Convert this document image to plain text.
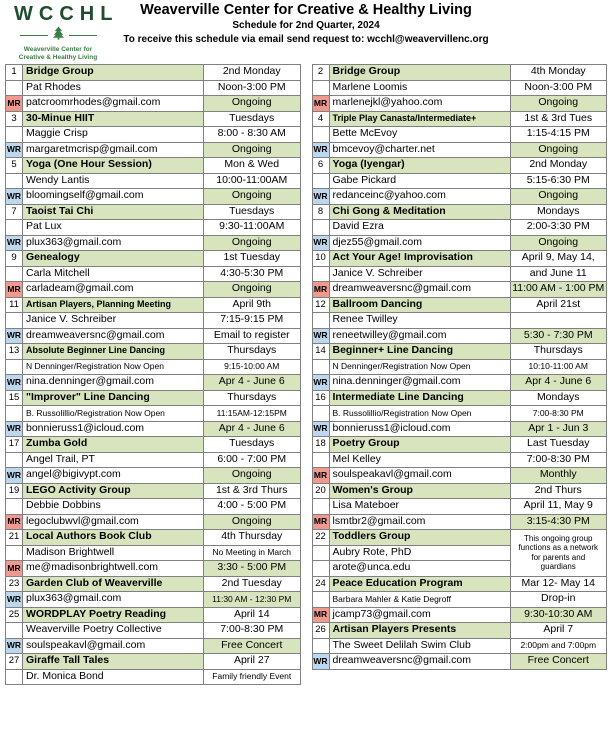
WCCHL
Weaverville Center for
Creative & Healthy Living
Weaverville Center for Creative & Healthy Living
Schedule for 2nd Quarter, 2024
To receive this schedule via email send request to: wcchl@weavervillenc.org
1	Bridge Group	2nd Monday
	Pat Rhodes	Noon-3:00 PM
MR	patcroomrhodes@gmail.com	Ongoing
3	30-Minue HIIT	Tuesdays
	Maggie Crisp	8:00 - 8:30 AM
WR	margaretmcrisp@gmail.com	Ongoing
5	Yoga (One Hour Session)	Mon & Wed
	Wendy Lantis	10:00-11:00AM
WR	bloomingself@gmail.com	Ongoing
7	Taoist Tai Chi	Tuesdays
	Pat Lux	9:30-11:00AM
WR	plux363@gmail.com	Ongoing
9	Genealogy	1st Tuesday
	Carla Mitchell	4:30-5:30 PM
MR	carladeam@gmail.com	Ongoing
11	Artisan Players, Planning Meeting	April 9th
	Janice V. Schreiber	7:15-9:15 PM
WR	dreamweaversnc@gmail.com	Email to register
13	Absolute Beginner Line Dancing	Thursdays
	N Denninger/Registration Now Open	9:15-10:00 AM
WR	nina.denninger@gmail.com	Apr 4 - June 6
15	"Improver" Line Dancing	Thursdays
	B. Russolillio/Registration Now Open	11:15AM-12:15PM
WR	bonnieruss1@icloud.com	Apr 4 - June 6
17	Zumba Gold	Tuesdays
	Angel Trail, PT	6:00 - 7:00 PM
WR	angel@bigivypt.com	Ongoing
19	LEGO Activity Group	1st & 3rd Thurs
	Debbie Dobbins	4:00 - 5:00 PM
MR	legoclubwvl@gmail.com	Ongoing
21	Local Authors Book Club	4th Thursday
	Madison Brightwell	No Meeting in March
MR	me@madisonbrightwell.com	3:30 - 5:00 PM
23	Garden Club of Weaverville	2nd Tuesday
WR	plux363@gmail.com	11:30 AM - 12:30 PM
25	WORDPLAY Poetry Reading	April 14
	Weaverville Poetry Collective	7:00-8:30 PM
WR	soulspeakavl@gmail.com	Free Concert
27	Giraffe Tall Tales	April 27
	Dr. Monica Bond	Family friendly Event
2	Bridge Group	4th Monday
	Marlene Loomis	Noon-3:00 PM
MR	marlenejkl@yahoo.com	Ongoing
4	Triple Play Canasta/Intermediate+	1st & 3rd Tues
	Bette McEvoy	1:15-4:15 PM
WR	bmcevoy@charter.net	Ongoing
6	Yoga (Iyengar)	2nd Monday
	Gabe Pickard	5:15-6:30 PM
WR	redanceinc@yahoo.com	Ongoing
8	Chi Gong & Meditation	Mondays
	David Ezra	2:00-3:30 PM
WR	djez55@gmail.com	Ongoing
10	Act Your Age! Improvisation	April 9, May 14,
	Janice V. Schreiber	and June 11
MR	dreamweaversnc@gmail.com	11:00 AM - 1:00 PM
12	Ballroom Dancing	April 21st
	Renee Twilley	
WR	reneetwilley@gmail.com	5:30 - 7:30 PM
14	Beginner+ Line Dancing	Thursdays
	N Denninger/Registration Now Open	10:10-11:00 AM
WR	nina.denninger@gmail.com	Apr 4 - June 6
16	Intermediate Line Dancing	Mondays
	B. Russolillio/Registration Now Open	7:00-8:30 PM
WR	bonnieruss1@icloud.com	Apr 1 - Jun 3
18	Poetry Group	Last Tuesday
	Mel Kelley	7:00-8:30 PM
MR	soulspeakavl@gmail.com	Monthly
20	Women's Group	2nd Thurs
	Lisa Mateboer	April 11, May 9
MR	lsmtbr2@gmail.com	3:15-4:30 PM
22	Toddlers Group	This ongoing group functions as a network for parents and guardians
	Aubry Rote, PhD	
	arote@unca.edu	
24	Peace Education Program	Mar 12- May 14
	Barbara Mahler & Katie Degroff	Drop-in
MR	jcamp73@gmail.com	9:30-10:30 AM
26	Artisan Players Presents	April 7
	The Sweet Delilah Swim Club	2:00pm and 7:00pm
WR	dreamweaversnc@gmail.com	Free Concert
